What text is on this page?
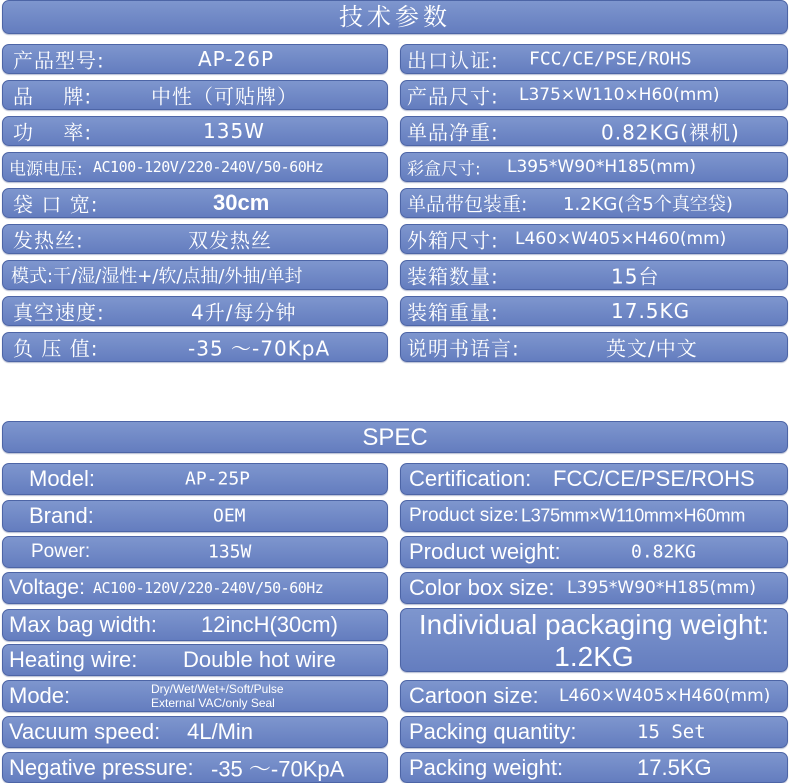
技术参数
产品型号:	AP-26P
品    牌:	中性（可贴牌）
功    率:	135W
电源电压: AC100-120V/220-240V/50-60Hz
袋 口 宽:	30cm
发热丝:	双发热丝
模式:干/湿/湿性+/软/点抽/外抽/单封
真空速度:	4升/每分钟
负 压 值:	-35 ～-70KpA
出口认证: FCC/CE/PSE/ROHS
产品尺寸: L375×W110×H60(mm)
单品净重:	0.82KG(裸机)
彩盒尺寸: L395*W90*H185(mm)
单品带包装重: 1.2KG(含5个真空袋)
外箱尺寸: L460×W405×H460(mm)
装箱数量:	15台
装箱重量:	17.5KG
说明书语言:	英文/中文
SPEC
Model:	AP-25P
Brand:	OEM
Power:	135W
Voltage: AC100-120V/220-240V/50-60Hz
Max bag width: 12incH(30cm)
Heating wire: Double hot wire
Mode:	Dry/Wet/Wet+/Soft/Pulse
External VAC/only Seal
Vacuum speed: 4L/Min
Negative pressure: -35 ～-70KpA
Certification: FCC/CE/PSE/ROHS
Product size: L375mm×W110mm×H60mm
Product weight:	0.82KG
Color box size: L395*W90*H185(mm)
Individual packaging weight:
1.2KG
Cartoon size: L460×W405×H460(mm)
Packing quantity:	15 Set
Packing weight:	17.5KG
